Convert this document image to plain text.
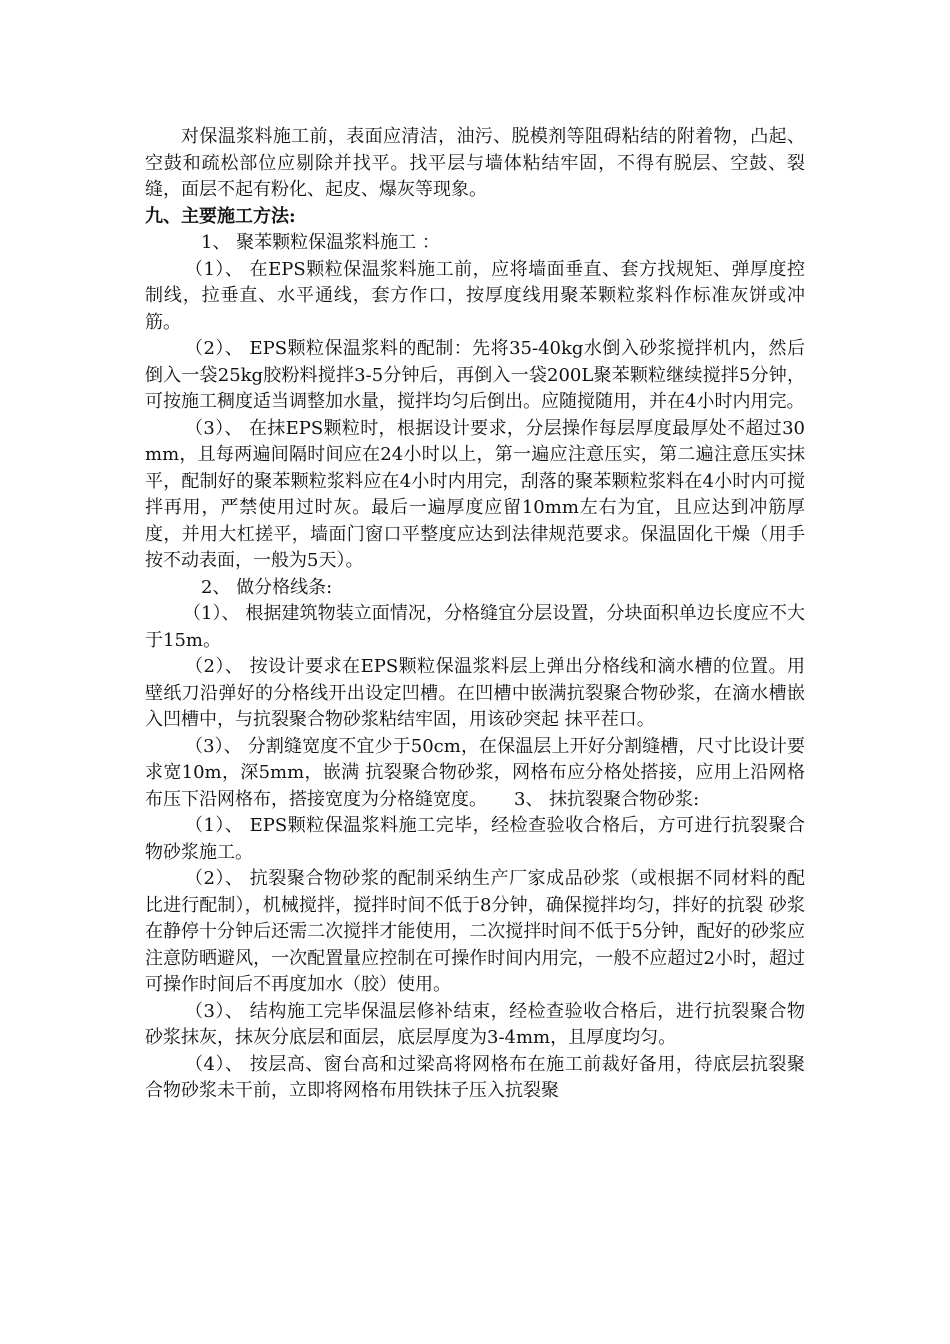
对保温浆料施工前，表面应清洁，油污、脱模剂等阻碍粘结的附着物，凸起、空鼓和疏松部位应剔除并找平。找平层与墙体粘结牢固，不得有脱层、空鼓、裂缝，面层不起有粉化、起皮、爆灰等现象。

九、主要施工方法:

1、 聚苯颗粒保温浆料施工 ：

（1）、 在EPS颗粒保温浆料施工前，应将墙面垂直、套方找规矩、弹厚度控制线，拉垂直、水平通线，套方作口，按厚度线用聚苯颗粒浆料作标准灰饼或冲筋。

（2）、 EPS颗粒保温浆料的配制：先将35-40kg水倒入砂浆搅拌机内，然后倒入一袋25kg胶粉料搅拌3-5分钟后，再倒入一袋200L聚苯颗粒继续搅拌5分钟，可按施工稠度适当调整加水量，搅拌均匀后倒出。应随搅随用，并在4小时内用完。

（3）、 在抹EPS颗粒时，根据设计要求，分层操作每层厚度最厚处不超过30mm，且每两遍间隔时间应在24小时以上，第一遍应注意压实，第二遍注意压实抹平，配制好的聚苯颗粒浆料应在4小时内用完，刮落的聚苯颗粒浆料在4小时内可搅拌再用，严禁使用过时灰。最后一遍厚度应留10mm左右为宜，且应达到冲筋厚度，并用大杠搓平，墙面门窗口平整度应达到法律规范要求。保温固化干燥（用手按不动表面，一般为5天）。

2、 做分格线条:

（1）、 根据建筑物装立面情况，分格缝宜分层设置，分块面积单边长度应不大于15m。

（2）、 按设计要求在EPS颗粒保温浆料层上弹出分格线和滴水槽的位置。用壁纸刀沿弹好的分格线开出设定凹槽。在凹槽中嵌满抗裂聚合物砂浆，在滴水槽嵌入凹槽中，与抗裂聚合物砂浆粘结牢固，用该砂突起 抹平茬口。

（3）、 分割缝宽度不宜少于50cm，在保温层上开好分割缝槽，尺寸比设计要求宽10m，深5mm，嵌满 抗裂聚合物砂浆，网格布应分格处搭接，应用上沿网格布压下沿网格布，搭接宽度为分格缝宽度。　　3、 抹抗裂聚合物砂浆:

（1）、 EPS颗粒保温浆料施工完毕，经检查验收合格后，方可进行抗裂聚合物砂浆施工。

（2）、 抗裂聚合物砂浆的配制采纳生产厂家成品砂浆（或根据不同材料的配比进行配制），机械搅拌，搅拌时间不低于8分钟，确保搅拌均匀，拌好的抗裂 砂浆在静停十分钟后还需二次搅拌才能使用，二次搅拌时间不低于5分钟，配好的砂浆应注意防晒避风，一次配置量应控制在可操作时间内用完，一般不应超过2小时，超过可操作时间后不再度加水（胶）使用。

（3）、 结构施工完毕保温层修补结束，经检查验收合格后，进行抗裂聚合物砂浆抹灰，抹灰分底层和面层，底层厚度为3-4mm，且厚度均匀。

（4）、 按层高、窗台高和过梁高将网格布在施工前裁好备用，待底层抗裂聚合物砂浆未干前，立即将网格布用铁抹子压入抗裂聚
